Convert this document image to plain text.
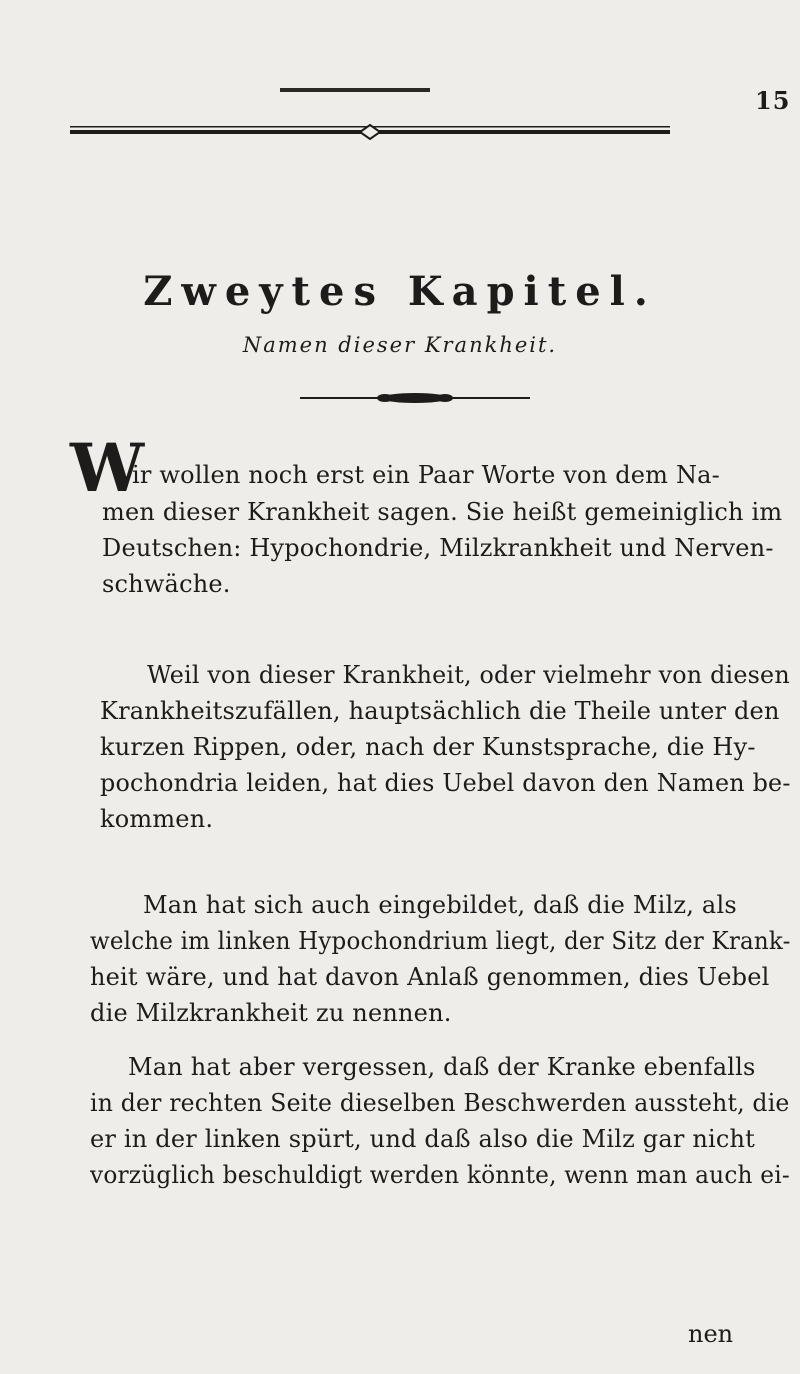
15
Zweytes Kapitel.
Namen dieser Krankheit.
W
ir wollen noch erst ein Paar Worte von dem Na-
men dieser Krankheit sagen. Sie heißt gemeiniglich im
Deutschen: Hypochondrie, Milzkrankheit und Nerven-
schwäche.
Weil von dieser Krankheit, oder vielmehr von diesen
Krankheitszufällen, hauptsächlich die Theile unter den
kurzen Rippen, oder, nach der Kunstsprache, die Hy-
pochondria leiden, hat dies Uebel davon den Namen be-
kommen.
Man hat sich auch eingebildet, daß die Milz, als
welche im linken Hypochondrium liegt, der Sitz der Krank-
heit wäre, und hat davon Anlaß genommen, dies Uebel
die Milzkrankheit zu nennen.
Man hat aber vergessen, daß der Kranke ebenfalls
in der rechten Seite dieselben Beschwerden aussteht, die
er in der linken spürt, und daß also die Milz gar nicht
vorzüglich beschuldigt werden könnte, wenn man auch ei-
nen
